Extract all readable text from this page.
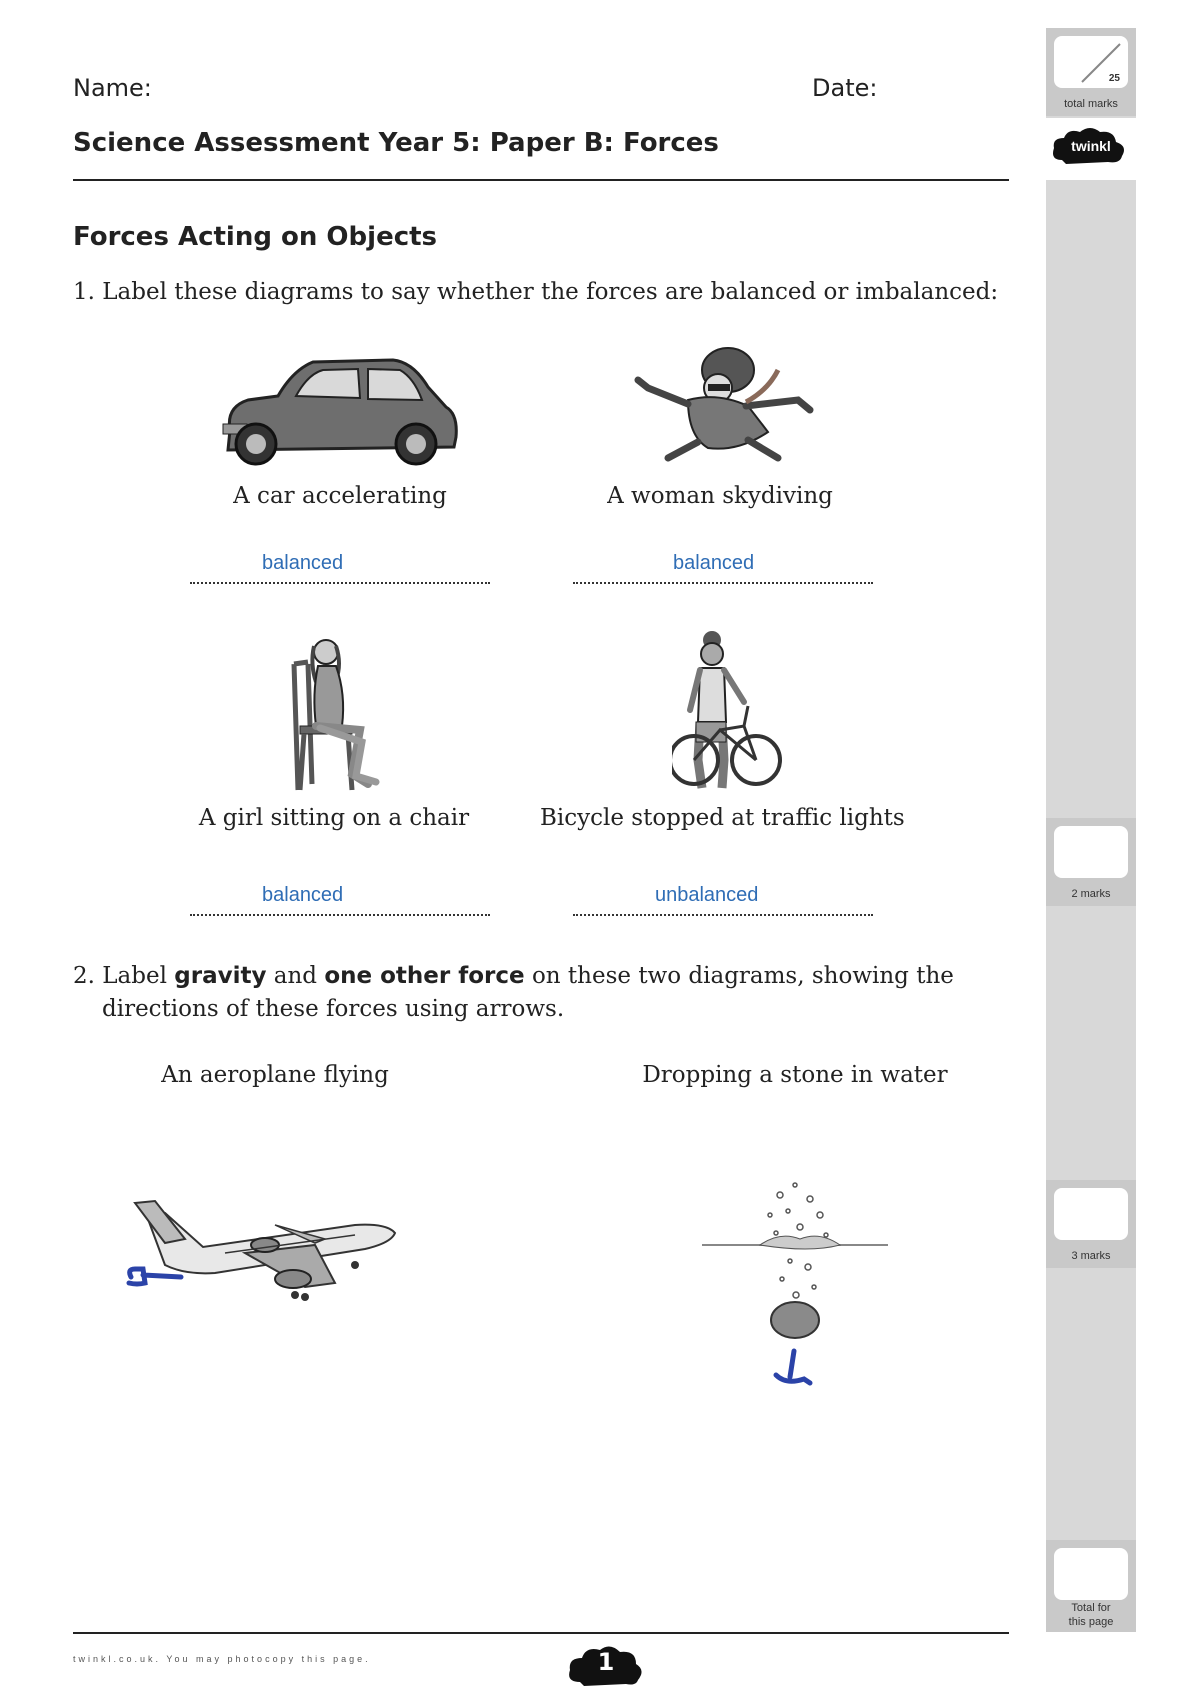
Name:	Date:
Science Assessment Year 5: Paper B: Forces
Forces Acting on Objects
1. Label these diagrams to say whether the forces are balanced or imbalanced:
A car accelerating	A woman skydiving
balanced	balanced
A girl sitting on a chair	Bicycle stopped at traffic lights
balanced	unbalanced
2. Label gravity and one other force on these two diagrams, showing the
directions of these forces using arrows.
An aeroplane flying	Dropping a stone in water
twinkl.co.uk. You may photocopy this page.	1
twinkl
25
total marks
2 marks
3 marks
Total for
this page
